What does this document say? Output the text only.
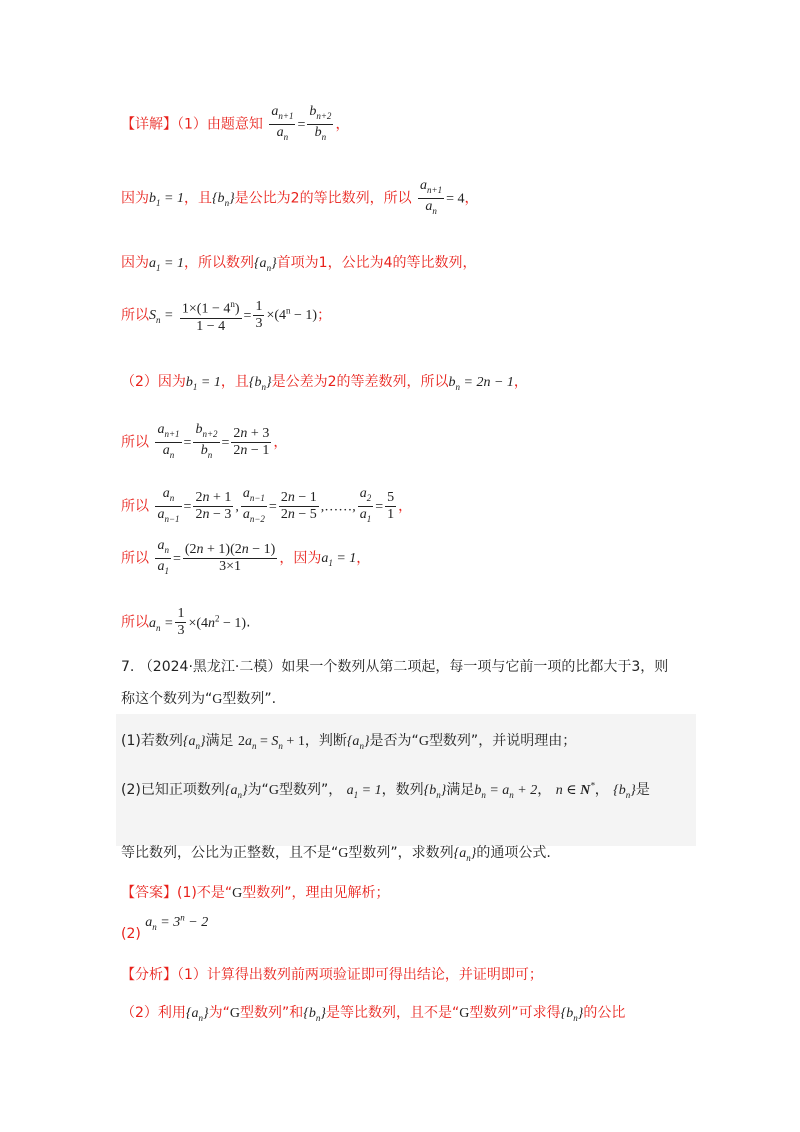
【详解】（1）由题意知 $\frac{a_{n+1}}{a_n} = \frac{b_{n+2}}{b_n}$ ，
因为$b_1 = 1$，且$\{b_n\}$是公比为2的等比数列，所以 $\frac{a_{n+1}}{a_n} = 4$，
因为$a_1 = 1$，所以数列$\{a_n\}$首项为1，公比为4的等比数列，
所以$S_n = \frac{1\times(1 - 4^n)}{1 - 4} = \frac{1}{3} \times(4^n - 1)$；
（2）因为$b_1 = 1$，且$\{b_n\}$是公差为2的等差数列，所以$b_n = 2n - 1$，
所以 $\frac{a_{n+1}}{a_n} = \frac{b_{n+2}}{b_n} = \frac{2n + 3}{2n - 1}$ ，
所以 $\frac{a_n}{a_{n-1}} = \frac{2n + 1}{2n - 3}$ , $\frac{a_{n-1}}{a_{n-2}} = \frac{2n - 1}{2n - 5}$ ,……, $\frac{a_2}{a_1} = \frac{5}{1}$ ，
所以 $\frac{a_n}{a_1} = \frac{(2n + 1)(2n - 1)}{3\times 1}$ ，因为$a_1 = 1$，
所以$a_n = \frac{1}{3} \times(4n^2 - 1)$.
7. （2024·黑龙江·二模）如果一个数列从第二项起，每一项与它前一项的比都大于3，则
称这个数列为“G型数列”.
(1)若数列$\{a_n\}$满足 $2a_n = S_n + 1$，判断$\{a_n\}$是否为“G型数列”，并说明理由；
(2)已知正项数列$\{a_n\}$为“G型数列”， $a_1 = 1$，数列$\{b_n\}$满足$b_n = a_n + 2$， n ∈ N*， $\{b_n\}$是
等比数列，公比为正整数，且不是“G型数列”，求数列$\{a_n\}$的通项公式.
【答案】(1)不是“G型数列”，理由见解析；
(2) $a_n = 3^n - 2$
【分析】（1）计算得出数列前两项验证即可得出结论，并证明即可；
（2）利用$\{a_n\}$为“G型数列”和$\{b_n\}$是等比数列，且不是“G型数列”可求得$\{b_n\}$的公比
